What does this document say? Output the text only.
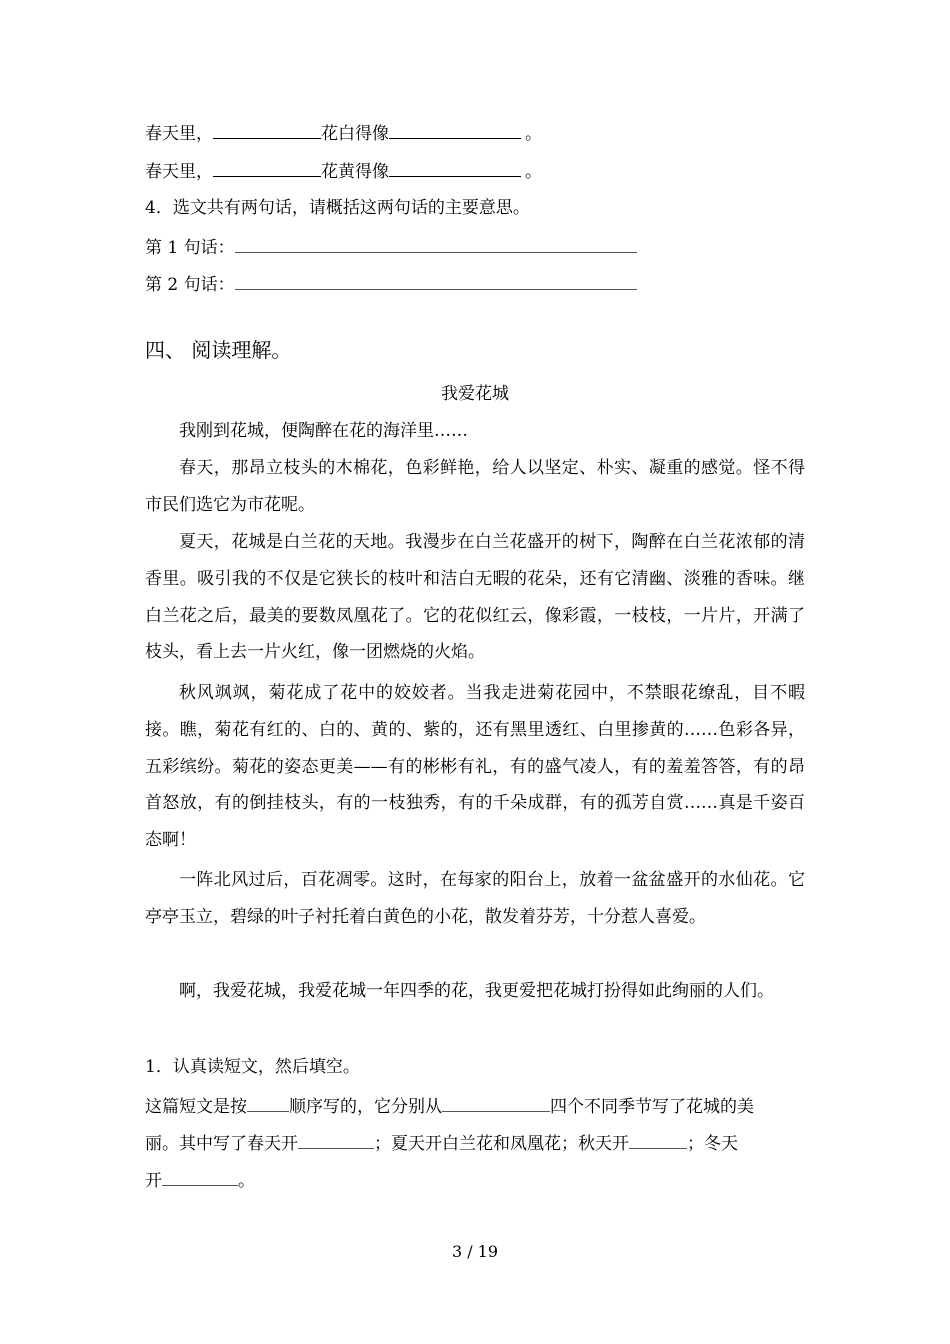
春天里，	花白得像	。
春天里，	花黄得像	。
4．选文共有两句话，请概括这两句话的主要意思。
第 1 句话：
第 2 句话：
四、 阅读理解。
我爱花城
我刚到花城，便陶醉在花的海洋里……
春天，那昂立枝头的木棉花，色彩鲜艳，给人以坚定、朴实、凝重的感觉。怪不得市民们选它为市花呢。
夏天，花城是白兰花的天地。我漫步在白兰花盛开的树下，陶醉在白兰花浓郁的清香里。吸引我的不仅是它狭长的枝叶和洁白无暇的花朵，还有它清幽、淡雅的香味。继白兰花之后，最美的要数凤凰花了。它的花似红云，像彩霞，一枝枝，一片片，开满了枝头，看上去一片火红，像一团燃烧的火焰。
秋风飒飒，菊花成了花中的姣姣者。当我走进菊花园中，不禁眼花缭乱，目不暇接。瞧，菊花有红的、白的、黄的、紫的，还有黑里透红、白里掺黄的……色彩各异，五彩缤纷。菊花的姿态更美——有的彬彬有礼，有的盛气凌人，有的羞羞答答，有的昂首怒放，有的倒挂枝头，有的一枝独秀，有的千朵成群，有的孤芳自赏……真是千姿百态啊！
一阵北风过后，百花凋零。这时，在每家的阳台上，放着一盆盆盛开的水仙花。它亭亭玉立，碧绿的叶子衬托着白黄色的小花，散发着芬芳，十分惹人喜爱。
啊，我爱花城，我爱花城一年四季的花，我更爱把花城打扮得如此绚丽的人们。
1．认真读短文，然后填空。
这篇短文是按 顺序写的，它分别从	四个不同季节写了花城的美
丽。其中写了春天开	；夏天开白兰花和凤凰花；秋天开	；冬天
开	。
3 / 19
